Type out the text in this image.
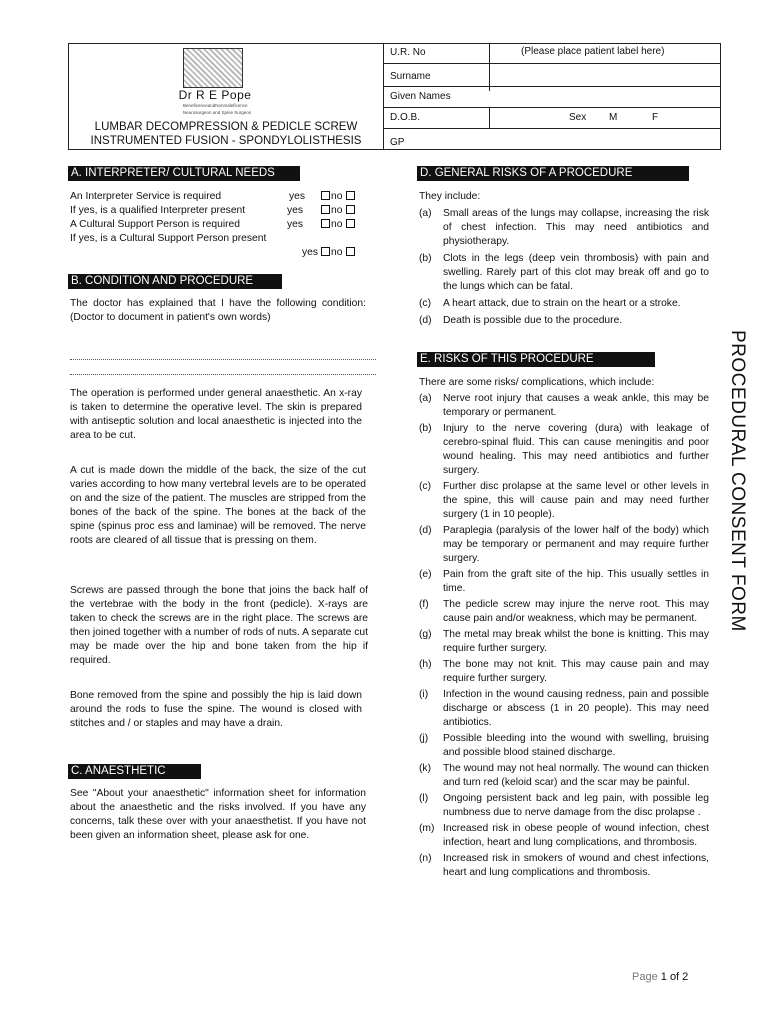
Dr R E Pope
BeneficenceandNonmaleficence
Neurosurgeon and Spine Surgeon
LUMBAR DECOMPRESSION & PEDICLE SCREW
INSTRUMENTED FUSION - SPONDYLOLISTHESIS
U.R. No	(Please place patient label here)
Surname
Given Names
D.O.B.	Sex M	F
GP
PROCEDURAL CONSENT FORM
A. INTERPRETER/ CULTURAL NEEDS
An Interpreter Service is required	yes	no
If yes, is a qualified Interpreter present	yes	no
A Cultural Support Person is required	yes	no
If yes, is a Cultural Support Person present
yes no
B. CONDITION AND PROCEDURE
The doctor has explained that I have the following condition: (Doctor to document in patient's own words)
The operation is performed under general anaesthetic. An x-ray is taken to determine the operative level. The skin is prepared with antiseptic solution and local anaesthetic is injected into the area to be cut.
A cut is made down the middle of the back, the size of the cut varies according to how many vertebral levels are to be operated on and the size of the patient. The muscles are stripped from the bones of the back of the spine. The bones at the back of the spine (spinus proc ess and laminae) will be removed. The nerve roots are cleared of all tissue that is pressing on them.
Screws are passed through the bone that joins the back half of the vertebrae with the body in the front (pedicle). X-rays are taken to check the screws are in the right place. The screws are then joined together with a number of rods of nuts. A separate cut may be made over the hip and bone taken from the hip if required.
Bone removed from the spine and possibly the hip is laid down around the rods to fuse the spine. The wound is closed with stitches and / or staples and may have a drain.
C. ANAESTHETIC
See "About your anaesthetic" information sheet for information about the anaesthetic and the risks involved. If you have any concerns, talk these over with your anaesthetist. If you have not been given an information sheet, please ask for one.
D. GENERAL RISKS OF A PROCEDURE
They include:
(a) Small areas of the lungs may collapse, increasing the risk of chest infection. This may need antibiotics and physiotherapy.
(b) Clots in the legs (deep vein thrombosis) with pain and swelling. Rarely part of this clot may break off and go to the lungs which can be fatal.
(c) A heart attack, due to strain on the heart or a stroke.
(d) Death is possible due to the procedure.
E. RISKS OF THIS PROCEDURE
There are some risks/ complications, which include:
(a) Nerve root injury that causes a weak ankle, this may be temporary or permanent.
(b) Injury to the nerve covering (dura) with leakage of cerebro-spinal fluid. This can cause meningitis and poor wound healing. This may need antibiotics and further surgery.
(c) Further disc prolapse at the same level or other levels in the spine, this will cause pain and may need further surgery (1 in 10 people).
(d) Paraplegia (paralysis of the lower half of the body) which may be temporary or permanent and may require further surgery.
(e) Pain from the graft site of the hip. This usually settles in time.
(f) The pedicle screw may injure the nerve root. This may cause pain and/or weakness, which may be permanent.
(g) The metal may break whilst the bone is knitting. This may require further surgery.
(h) The bone may not knit. This may cause pain and may require further surgery.
(i) Infection in the wound causing redness, pain and possible discharge or abscess (1 in 20 people). This may need antibiotics.
(j) Possible bleeding into the wound with swelling, bruising and possible blood stained discharge.
(k) The wound may not heal normally. The wound can thicken and turn red (keloid scar) and the scar may be painful.
(l) Ongoing persistent back and leg pain, with possible leg numbness due to nerve damage from the disc prolapse .
(m) Increased risk in obese people of wound infection, chest infection, heart and lung complications, and thrombosis.
(n) Increased risk in smokers of wound and chest infections, heart and lung complications and thrombosis.
Page 1 of 2
